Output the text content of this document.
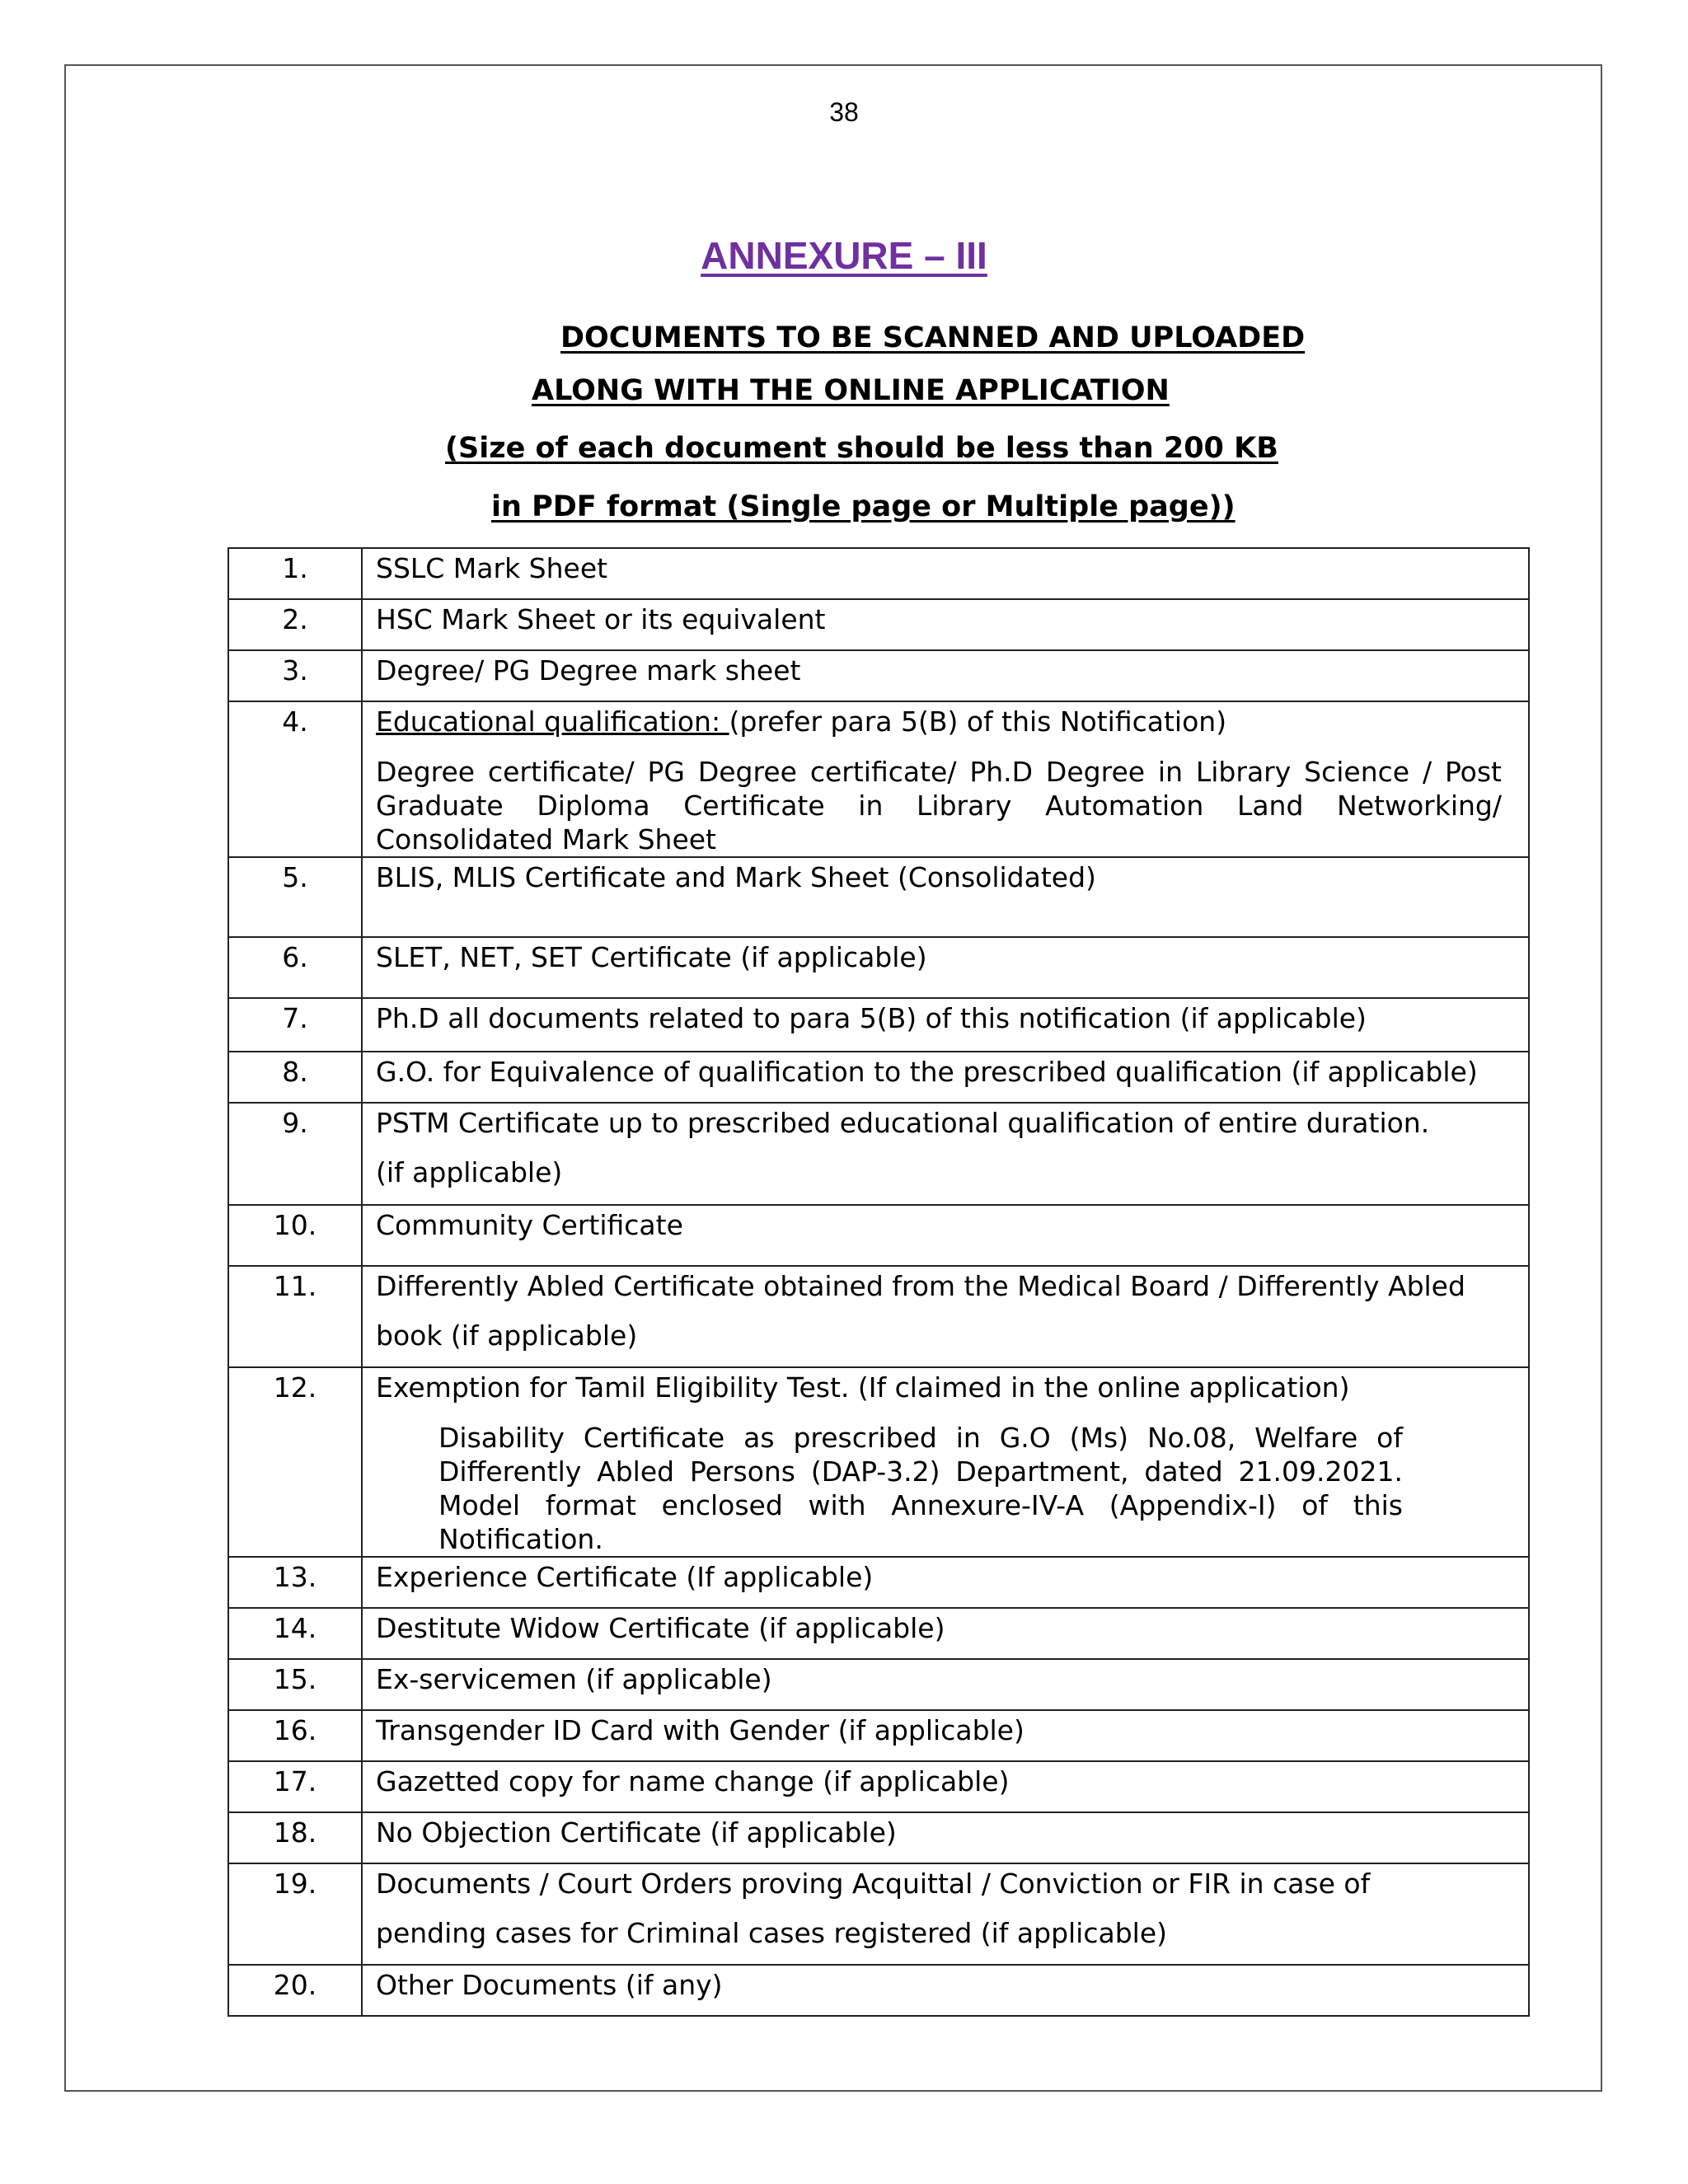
38
ANNEXURE – III
DOCUMENTS TO BE SCANNED AND UPLOADED
ALONG WITH THE ONLINE APPLICATION
(Size of each document should be less than 200 KB
in PDF format (Single page or Multiple page))
1.	SSLC Mark Sheet
2.	HSC Mark Sheet or its equivalent
3.	Degree/ PG Degree mark sheet
4.	Educational qualification: (prefer para 5(B) of this Notification)
Degree certificate/ PG Degree certificate/ Ph.D Degree in Library Science / Post Graduate Diploma Certificate in Library Automation Land Networking/ Consolidated Mark Sheet

5.	BLIS, MLIS Certificate and Mark Sheet (Consolidated)
6.	SLET, NET, SET Certificate (if applicable)
7.	Ph.D all documents related to para 5(B) of this notification (if applicable)
8.	G.O. for Equivalence of qualification to the prescribed qualification (if applicable)
9.	PSTM Certificate up to prescribed educational qualification of entire duration.
(if applicable)

10.	Community Certificate
11.	Differently Abled Certificate obtained from the Medical Board / Differently Abled
book (if applicable)

12.	Exemption for Tamil Eligibility Test. (If claimed in the online application)
Disability Certificate as prescribed in G.O (Ms) No.08, Welfare of Differently Abled Persons (DAP-3.2) Department, dated 21.09.2021. Model format enclosed with Annexure-IV-A (Appendix-I) of this Notification.

13.	Experience Certificate (If applicable)
14.	Destitute Widow Certificate (if applicable)
15.	Ex-servicemen (if applicable)
16.	Transgender ID Card with Gender (if applicable)
17.	Gazetted copy for name change (if applicable)
18.	No Objection Certificate (if applicable)
19.	Documents / Court Orders proving Acquittal / Conviction or FIR in case of
pending cases for Criminal cases registered (if applicable)

20.	Other Documents (if any)
